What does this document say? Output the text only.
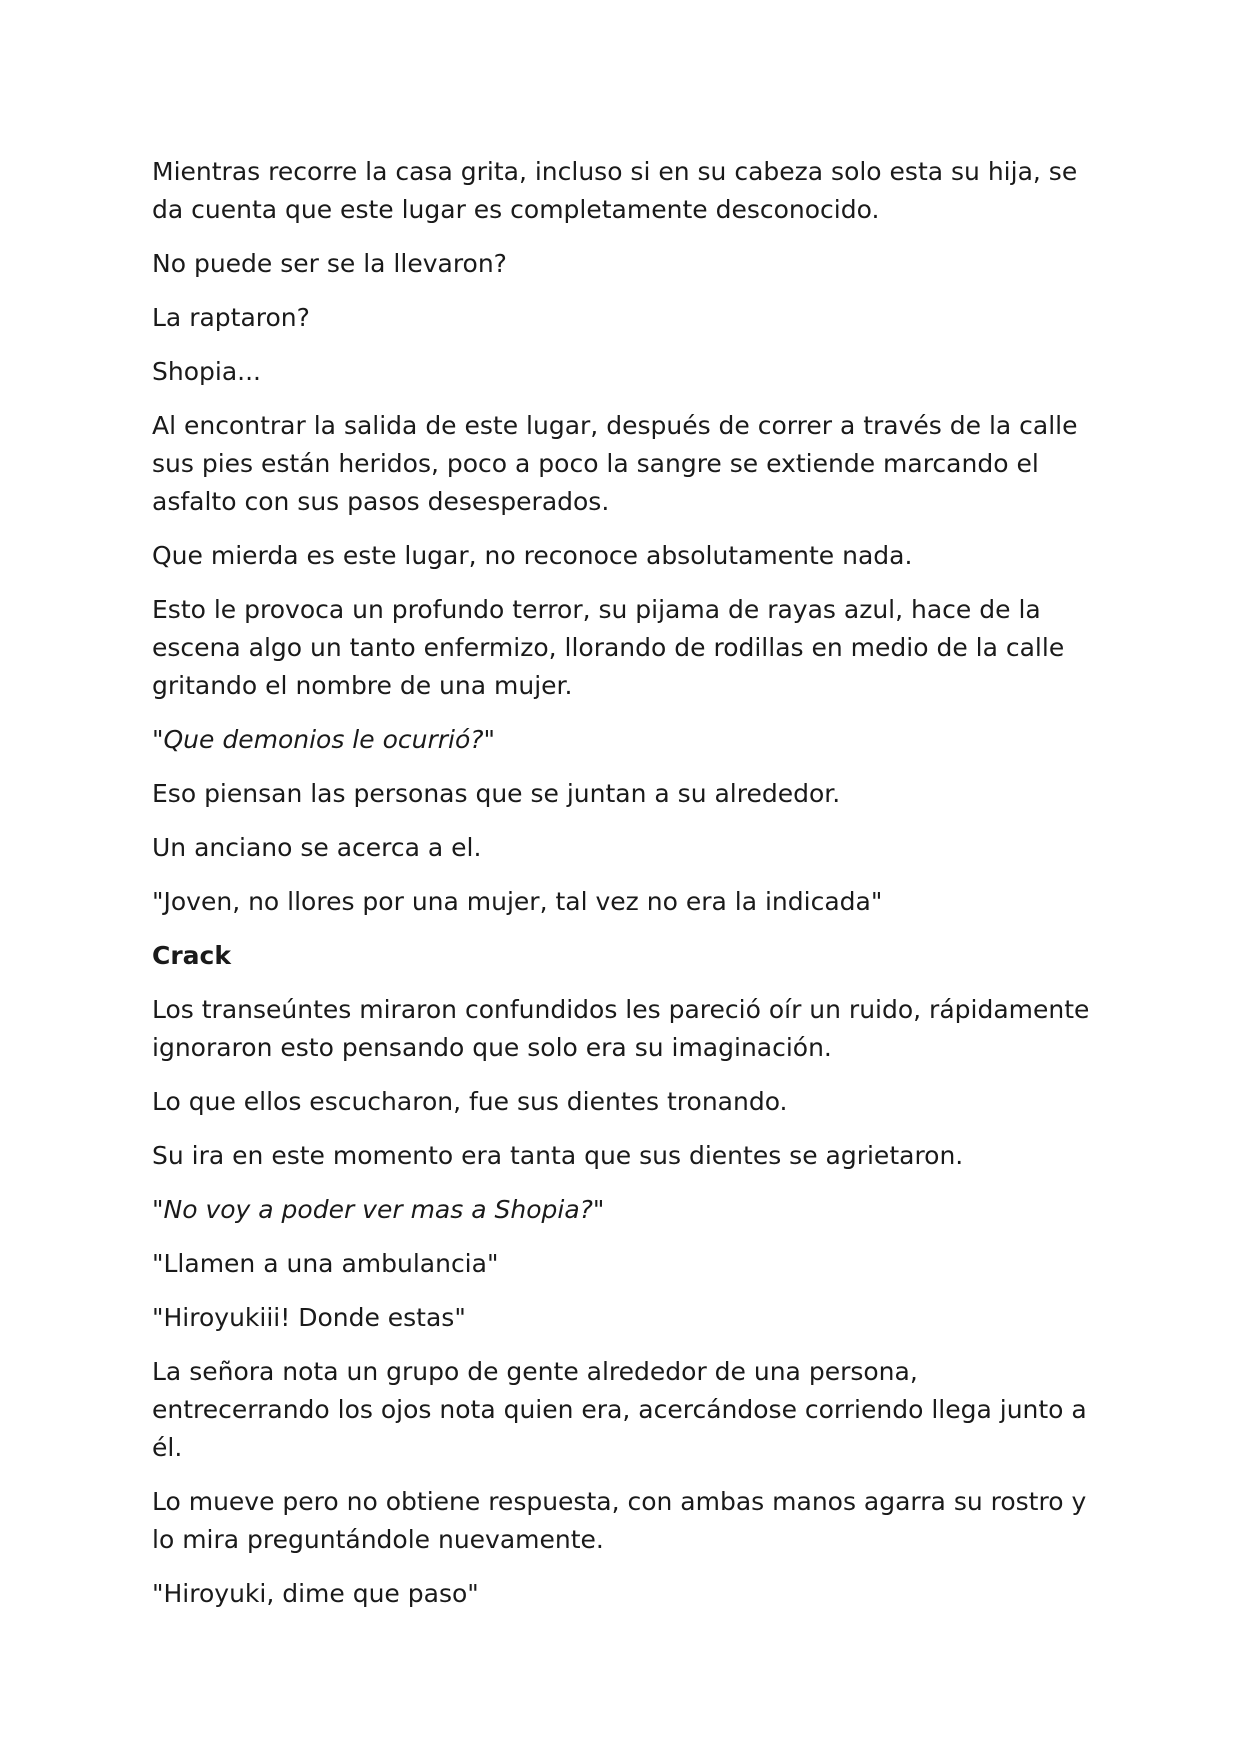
Mientras recorre la casa grita, incluso si en su cabeza solo esta su hija, se da cuenta que este lugar es completamente desconocido.

No puede ser se la llevaron?

La raptaron?

Shopia...

Al encontrar la salida de este lugar, después de correr a través de la calle sus pies están heridos, poco a poco la sangre se extiende marcando el asfalto con sus pasos desesperados.

Que mierda es este lugar, no reconoce absolutamente nada.

Esto le provoca un profundo terror, su pijama de rayas azul, hace de la escena algo un tanto enfermizo, llorando de rodillas en medio de la calle gritando el nombre de una mujer.

"Que demonios le ocurrió?"

Eso piensan las personas que se juntan a su alrededor.

Un anciano se acerca a el.

"Joven, no llores por una mujer, tal vez no era la indicada"

Crack

Los transeúntes miraron confundidos les pareció oír un ruido, rápidamente ignoraron esto pensando que solo era su imaginación.

Lo que ellos escucharon, fue sus dientes tronando.

Su ira en este momento era tanta que sus dientes se agrietaron.

"No voy a poder ver mas a Shopia?"

"Llamen a una ambulancia"

"Hiroyukiii! Donde estas"

La señora nota un grupo de gente alrededor de una persona, entrecerrando los ojos nota quien era, acercándose corriendo llega junto a él.

Lo mueve pero no obtiene respuesta, con ambas manos agarra su rostro y lo mira preguntándole nuevamente.

"Hiroyuki, dime que paso"
